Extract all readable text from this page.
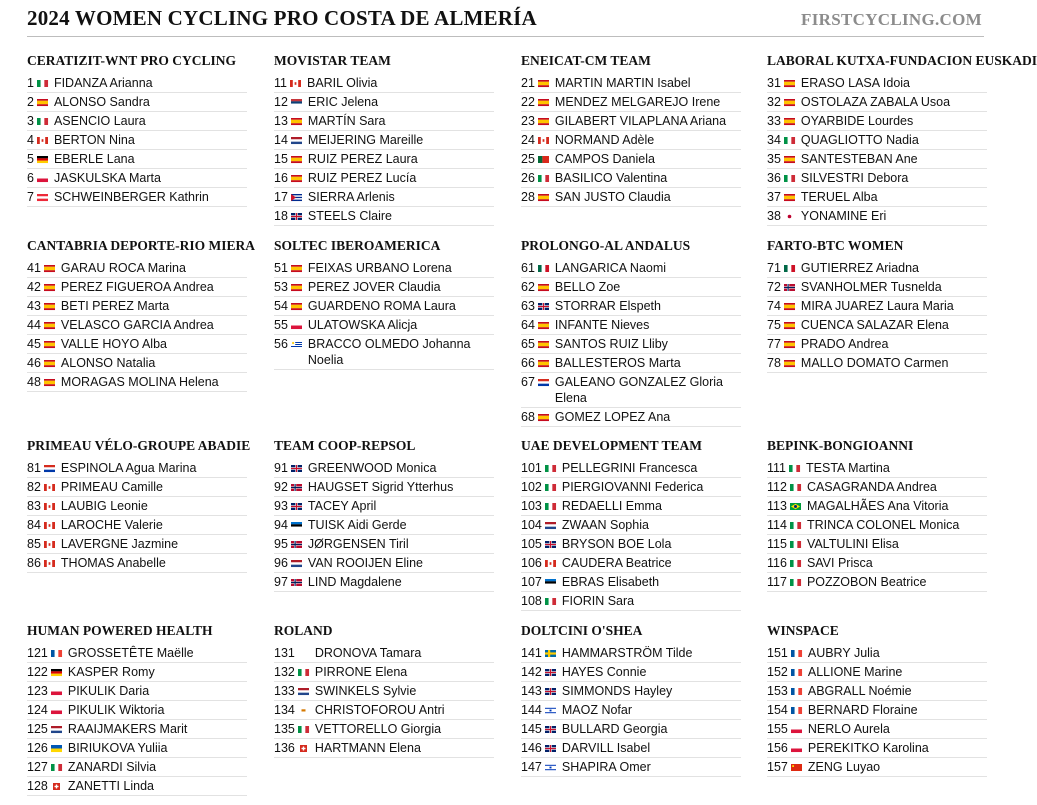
2024 WOMEN CYCLING PRO COSTA DE ALMERÍA	FIRSTCYCLING.COM
CERATIZIT-WNT PRO CYCLING
1 FIDANZA Arianna
2 ALONSO Sandra
3 ASENCIO Laura
4 BERTON Nina
5 EBERLE Lana
6 JASKULSKA Marta
7 SCHWEINBERGER Kathrin
MOVISTAR TEAM
11 BARIL Olivia
12 ERIC Jelena
13 MARTÍN Sara
14 MEIJERING Mareille
15 RUIZ PEREZ Laura
16 RUIZ PEREZ Lucía
17 SIERRA Arlenis
18 STEELS Claire
ENEICAT-CM TEAM
21 MARTIN MARTIN Isabel
22 MENDEZ MELGAREJO Irene
23 GILABERT VILAPLANA Ariana
24 NORMAND Adèle
25 CAMPOS Daniela
26 BASILICO Valentina
28 SAN JUSTO Claudia
LABORAL KUTXA-FUNDACION EUSKADI
31 ERASO LASA Idoia
32 OSTOLAZA ZABALA Usoa
33 OYARBIDE Lourdes
34 QUAGLIOTTO Nadia
35 SANTESTEBAN Ane
36 SILVESTRI Debora
37 TERUEL Alba
38 YONAMINE Eri
CANTABRIA DEPORTE-RIO MIERA
41 GARAU ROCA Marina
42 PEREZ FIGUEROA Andrea
43 BETI PEREZ Marta
44 VELASCO GARCIA Andrea
45 VALLE HOYO Alba
46 ALONSO Natalia
48 MORAGAS MOLINA Helena
SOLTEC IBEROAMERICA
51 FEIXAS URBANO Lorena
53 PEREZ JOVER Claudia
54 GUARDENO ROMA Laura
55 ULATOWSKA Alicja
56 BRACCO OLMEDO Johanna Noelia
PROLONGO-AL ANDALUS
61 LANGARICA Naomi
62 BELLO Zoe
63 STORRAR Elspeth
64 INFANTE Nieves
65 SANTOS RUIZ Lliby
66 BALLESTEROS Marta
67 GALEANO GONZALEZ Gloria Elena
68 GOMEZ LOPEZ Ana
FARTO-BTC WOMEN
71 GUTIERREZ Ariadna
72 SVANHOLMER Tusnelda
74 MIRA JUAREZ Laura Maria
75 CUENCA SALAZAR Elena
77 PRADO Andrea
78 MALLO DOMATO Carmen
PRIMEAU VÉLO-GROUPE ABADIE
81 ESPINOLA Agua Marina
82 PRIMEAU Camille
83 LAUBIG Leonie
84 LAROCHE Valerie
85 LAVERGNE Jazmine
86 THOMAS Anabelle
TEAM COOP-REPSOL
91 GREENWOOD Monica
92 HAUGSET Sigrid Ytterhus
93 TACEY April
94 TUISK Aidi Gerde
95 JØRGENSEN Tiril
96 VAN ROOIJEN Eline
97 LIND Magdalene
UAE DEVELOPMENT TEAM
101 PELLEGRINI Francesca
102 PIERGIOVANNI Federica
103 REDAELLI Emma
104 ZWAAN Sophia
105 BRYSON BOE Lola
106 CAUDERA Beatrice
107 EBRAS Elisabeth
108 FIORIN Sara
BEPINK-BONGIOANNI
111 TESTA Martina
112 CASAGRANDA Andrea
113 MAGALHÃES Ana Vitoria
114 TRINCA COLONEL Monica
115 VALTULINI Elisa
116 SAVI Prisca
117 POZZOBON Beatrice
HUMAN POWERED HEALTH
121 GROSSETÊTE Maëlle
122 KASPER Romy
123 PIKULIK Daria
124 PIKULIK Wiktoria
125 RAAIJMAKERS Marit
126 BIRIUKOVA Yuliia
127 ZANARDI Silvia
128 ZANETTI Linda
ROLAND
131 DRONOVA Tamara
132 PIRRONE Elena
133 SWINKELS Sylvie
134 CHRISTOFOROU Antri
135 VETTORELLO Giorgia
136 HARTMANN Elena
DOLTCINI O'SHEA
141 HAMMARSTRÖM Tilde
142 HAYES Connie
143 SIMMONDS Hayley
144 MAOZ Nofar
145 BULLARD Georgia
146 DARVILL Isabel
147 SHAPIRA Omer
WINSPACE
151 AUBRY Julia
152 ALLIONE Marine
153 ABGRALL Noémie
154 BERNARD Floraine
155 NERLO Aurela
156 PEREKITKO Karolina
157 ZENG Luyao
